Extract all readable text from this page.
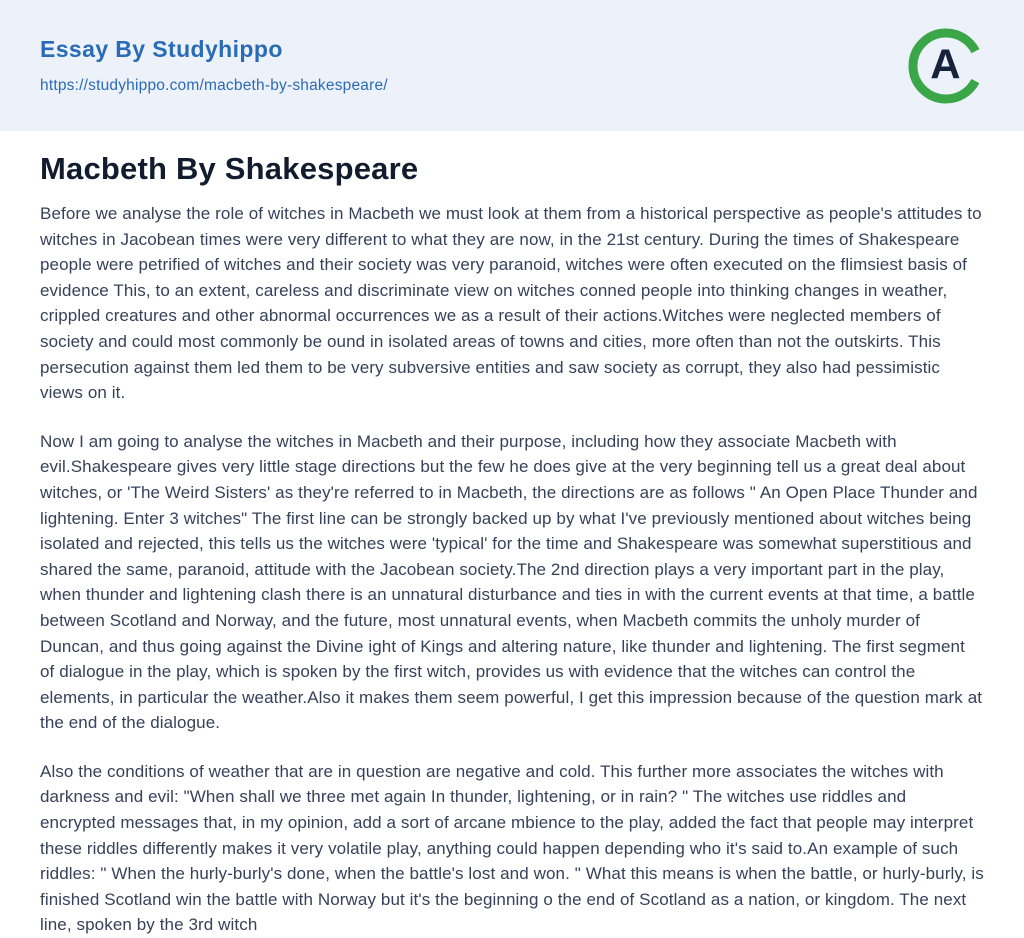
Essay By Studyhippo
https://studyhippo.com/macbeth-by-shakespeare/	A
Macbeth By Shakespeare

Before we analyse the role of witches in Macbeth we must look at them from a historical perspective as people's attitudes to witches in Jacobean times were very different to what they are now, in the 21st century. During the times of Shakespeare people were petrified of witches and their society was very paranoid, witches were often executed on the flimsiest basis of evidence This, to an extent, careless and discriminate view on witches conned people into thinking changes in weather, crippled creatures and other abnormal occurrences we as a result of their actions.Witches were neglected members of society and could most commonly be ound in isolated areas of towns and cities, more often than not the outskirts. This persecution against them led them to be very subversive entities and saw society as corrupt, they also had pessimistic views on it.

Now I am going to analyse the witches in Macbeth and their purpose, including how they associate Macbeth with evil.Shakespeare gives very little stage directions but the few he does give at the very beginning tell us a great deal about witches, or 'The Weird Sisters' as they're referred to in Macbeth, the directions are as follows " An Open Place Thunder and lightening. Enter 3 witches" The first line can be strongly backed up by what I've previously mentioned about witches being isolated and rejected, this tells us the witches were 'typical' for the time and Shakespeare was somewhat superstitious and shared the same, paranoid, attitude with the Jacobean society.The 2nd direction plays a very important part in the play, when thunder and lightening clash there is an unnatural disturbance and ties in with the current events at that time, a battle between Scotland and Norway, and the future, most unnatural events, when Macbeth commits the unholy murder of Duncan, and thus going against the Divine ight of Kings and altering nature, like thunder and lightening. The first segment of dialogue in the play, which is spoken by the first witch, provides us with evidence that the witches can control the elements, in particular the weather.Also it makes them seem powerful, I get this impression because of the question mark at the end of the dialogue.

Also the conditions of weather that are in question are negative and cold. This further more associates the witches with darkness and evil: "When shall we three met again In thunder, lightening, or in rain? " The witches use riddles and encrypted messages that, in my opinion, add a sort of arcane mbience to the play, added the fact that people may interpret these riddles differently makes it very volatile play, anything could happen depending who it's said to.An example of such riddles: " When the hurly-burly's done, when the battle's lost and won. " What this means is when the battle, or hurly-burly, is finished Scotland win the battle with Norway but it's the beginning o the end of Scotland as a nation, or kingdom. The next line, spoken by the 3rd witch
